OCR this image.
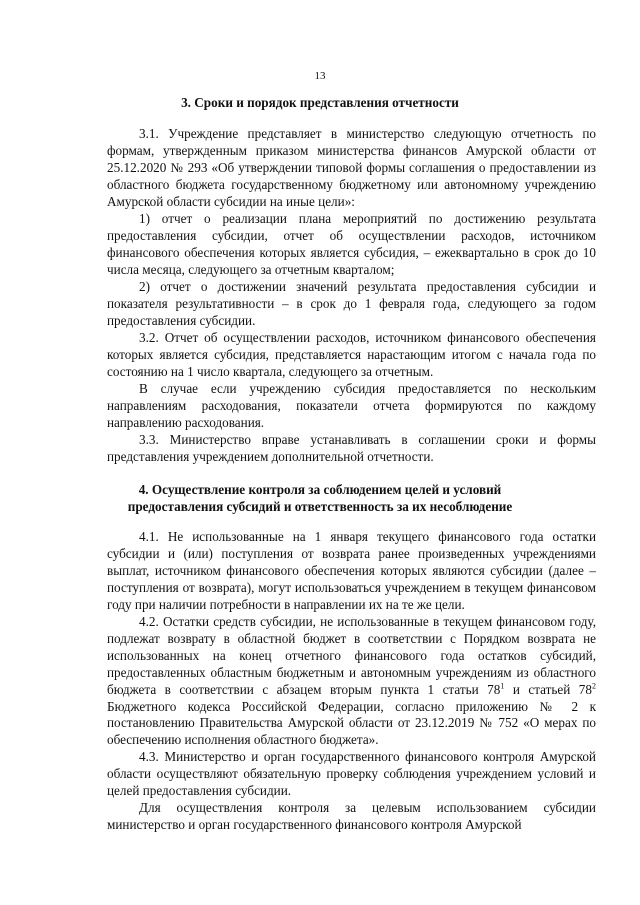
13
3. Сроки и порядок представления отчетности
3.1. Учреждение представляет в министерство следующую отчетность по формам, утвержденным приказом министерства финансов Амурской области от 25.12.2020 № 293 «Об утверждении типовой формы соглашения о предоставлении из областного бюджета государственному бюджетному или автономному учреждению Амурской области субсидии на иные цели»:
1) отчет о реализации плана мероприятий по достижению результата предоставления субсидии, отчет об осуществлении расходов, источником финансового обеспечения которых является субсидия, – ежеквартально в срок до 10 числа месяца, следующего за отчетным кварталом;
2) отчет о достижении значений результата предоставления субсидии и показателя результативности – в срок до 1 февраля года, следующего за годом предоставления субсидии.
3.2. Отчет об осуществлении расходов, источником финансового обеспечения которых является субсидия, представляется нарастающим итогом с начала года по состоянию на 1 число квартала, следующего за отчетным.
В случае если учреждению субсидия предоставляется по нескольким направлениям расходования, показатели отчета формируются по каждому направлению расходования.
3.3. Министерство вправе устанавливать в соглашении сроки и формы представления учреждением дополнительной отчетности.
4. Осуществление контроля за соблюдением целей и условий
предоставления субсидий и ответственность за их несоблюдение
4.1. Не использованные на 1 января текущего финансового года остатки субсидии и (или) поступления от возврата ранее произведенных учреждениями выплат, источником финансового обеспечения которых являются субсидии (далее – поступления от возврата), могут использоваться учреждением в текущем финансовом году при наличии потребности в направлении их на те же цели.
4.2. Остатки средств субсидии, не использованные в текущем финансовом году, подлежат возврату в областной бюджет в соответствии с Порядком возврата не использованных на конец отчетного финансового года остатков субсидий, предоставленных областным бюджетным и автономным учреждениям из областного бюджета в соответствии с абзацем вторым пункта 1 статьи $78^1$ и статьей $78^2$ Бюджетного кодекса Российской Федерации, согласно приложению № 2 к постановлению Правительства Амурской области от 23.12.2019 № 752 «О мерах по обеспечению исполнения областного бюджета».
4.3. Министерство и орган государственного финансового контроля Амурской области осуществляют обязательную проверку соблюдения учреждением условий и целей предоставления субсидии.
Для осуществления контроля за целевым использованием субсидии министерство и орган государственного финансового контроля Амурской
